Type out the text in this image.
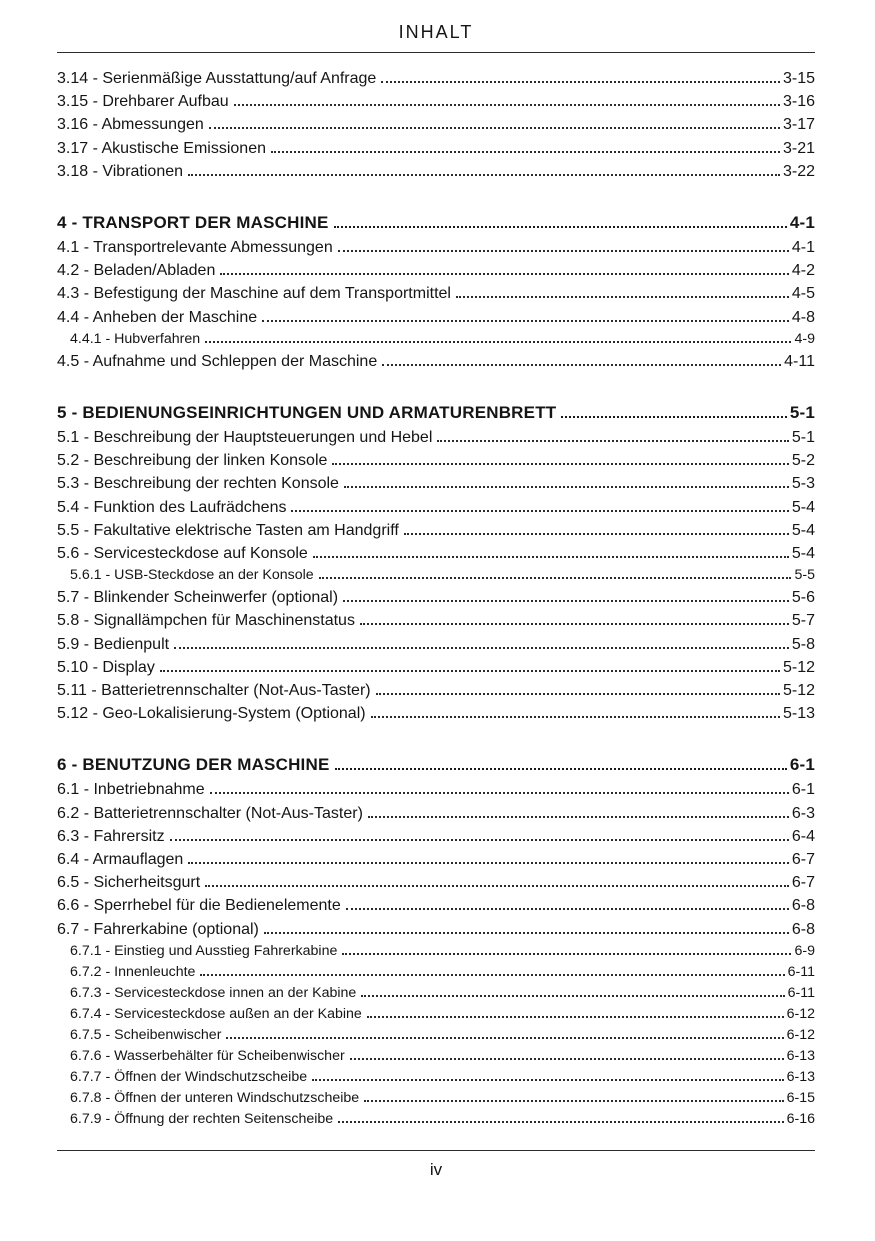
INHALT
3.14 - Serienmäßige Ausstattung/auf Anfrage	3-15
3.15 - Drehbarer Aufbau	3-16
3.16 - Abmessungen	3-17
3.17 - Akustische Emissionen	3-21
3.18 - Vibrationen	3-22
4 - TRANSPORT DER MASCHINE	4-1
4.1 - Transportrelevante Abmessungen	4-1
4.2 - Beladen/Abladen	4-2
4.3 - Befestigung der Maschine auf dem Transportmittel	4-5
4.4 - Anheben der Maschine	4-8
4.4.1 - Hubverfahren	4-9
4.5 - Aufnahme und Schleppen der Maschine	4-11
5 - BEDIENUNGSEINRICHTUNGEN UND ARMATURENBRETT	5-1
5.1 - Beschreibung der Hauptsteuerungen und Hebel	5-1
5.2 - Beschreibung der linken Konsole	5-2
5.3 - Beschreibung der rechten Konsole	5-3
5.4 - Funktion des Laufrädchens	5-4
5.5 - Fakultative elektrische Tasten am Handgriff	5-4
5.6 - Servicesteckdose auf Konsole	5-4
5.6.1 - USB-Steckdose an der Konsole	5-5
5.7 - Blinkender Scheinwerfer (optional)	5-6
5.8 - Signallämpchen für Maschinenstatus	5-7
5.9 - Bedienpult	5-8
5.10 - Display	5-12
5.11 - Batterietrennschalter (Not-Aus-Taster)	5-12
5.12 - Geo-Lokalisierung-System (Optional)	5-13
6 - BENUTZUNG DER MASCHINE	6-1
6.1 - Inbetriebnahme	6-1
6.2 - Batterietrennschalter (Not-Aus-Taster)	6-3
6.3 - Fahrersitz	6-4
6.4 - Armauflagen	6-7
6.5 - Sicherheitsgurt	6-7
6.6 - Sperrhebel für die Bedienelemente	6-8
6.7 - Fahrerkabine (optional)	6-8
6.7.1 - Einstieg und Ausstieg Fahrerkabine	6-9
6.7.2 - Innenleuchte	6-11
6.7.3 - Servicesteckdose innen an der Kabine	6-11
6.7.4 - Servicesteckdose außen an der Kabine	6-12
6.7.5 - Scheibenwischer	6-12
6.7.6 - Wasserbehälter für Scheibenwischer	6-13
6.7.7 - Öffnen der Windschutzscheibe	6-13
6.7.8 - Öffnen der unteren Windschutzscheibe	6-15
6.7.9 - Öffnung der rechten Seitenscheibe	6-16
iv
